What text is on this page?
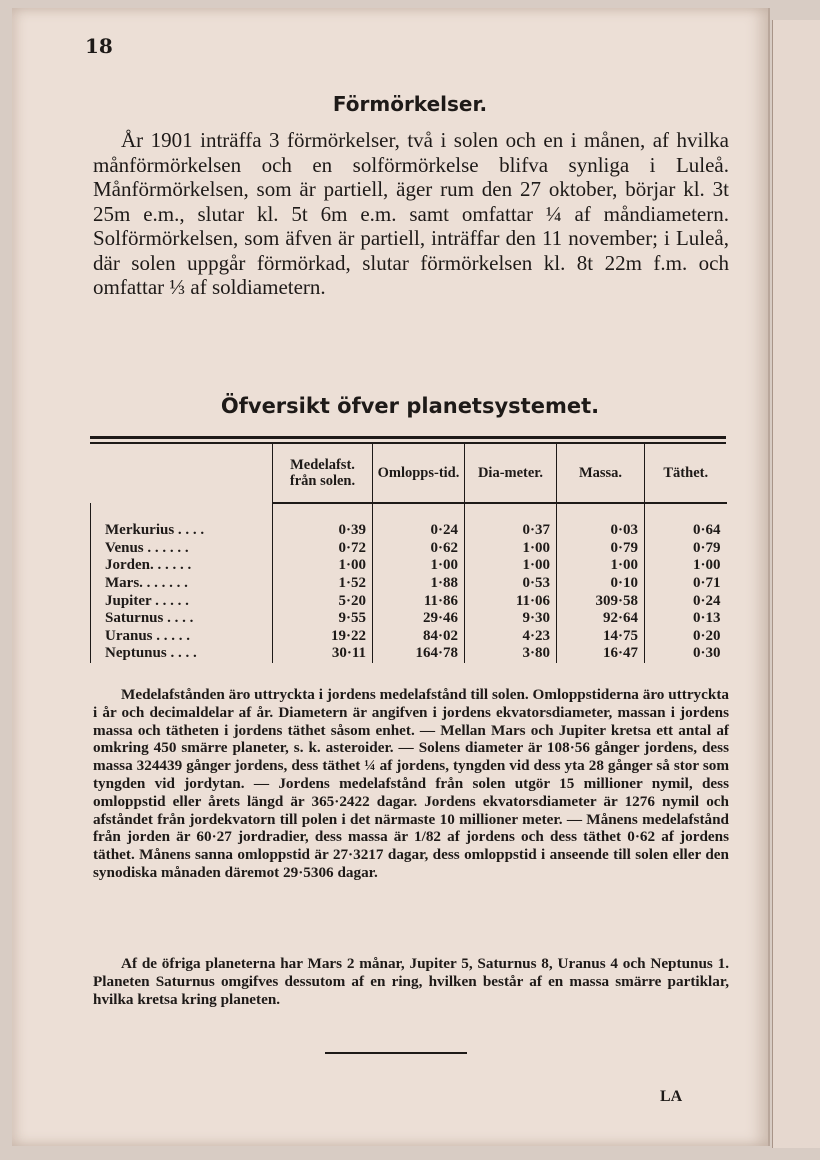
18
Förmörkelser.

År 1901 inträffa 3 förmörkelser, två i solen och en i månen, af hvilka månförmörkelsen och en solförmörkelse blifva synliga i Luleå. Månförmörkelsen, som är partiell, äger rum den 27 oktober, börjar kl. 3t 25m e.m., slutar kl. 5t 6m e.m. samt omfattar ¼ af måndiametern. Solförmörkelsen, som äfven är partiell, inträffar den 11 november; i Luleå, där solen uppgår förmörkad, slutar förmörkelsen kl. 8t 22m f.m. och omfattar ⅓ af soldiametern.

Öfversikt öfver planetsystemet.
	Medelafst. från solen.	Omlopps-tid.	Dia-meter.	Massa.	Täthet.

Merkurius . . . .	0·39	0·24	0·37	0·03	0·64
Venus . . . . . .	0·72	0·62	1·00	0·79	0·79
Jorden. . . . . .	1·00	1·00	1·00	1·00	1·00
Mars. . . . . . .	1·52	1·88	0·53	0·10	0·71
Jupiter . . . . .	5·20	11·86	11·06	309·58	0·24
Saturnus . . . .	9·55	29·46	9·30	92·64	0·13
Uranus . . . . .	19·22	84·02	4·23	14·75	0·20
Neptunus . . . .	30·11	164·78	3·80	16·47	0·30

Medelafstånden äro uttryckta i jordens medelafstånd till solen. Omloppstiderna äro uttryckta i år och decimaldelar af år. Diametern är angifven i jordens ekvatorsdiameter, massan i jordens massa och tätheten i jordens täthet såsom enhet. — Mellan Mars och Jupiter kretsa ett antal af omkring 450 smärre planeter, s. k. asteroider. — Solens diameter är 108·56 gånger jordens, dess massa 324439 gånger jordens, dess täthet ¼ af jordens, tyngden vid dess yta 28 gånger så stor som tyngden vid jordytan. — Jordens medelafstånd från solen utgör 15 millioner nymil, dess omloppstid eller årets längd är 365·2422 dagar. Jordens ekvatorsdiameter är 1276 nymil och afståndet från jordekvatorn till polen i det närmaste 10 millioner meter. — Månens medelafstånd från jorden är 60·27 jordradier, dess massa är 1/82 af jordens och dess täthet 0·62 af jordens täthet. Månens sanna omloppstid är 27·3217 dagar, dess omloppstid i anseende till solen eller den synodiska månaden däremot 29·5306 dagar.

Af de öfriga planeterna har Mars 2 månar, Jupiter 5, Saturnus 8, Uranus 4 och Neptunus 1. Planeten Saturnus omgifves dessutom af en ring, hvilken består af en massa smärre partiklar, hvilka kretsa kring planeten.

LA
